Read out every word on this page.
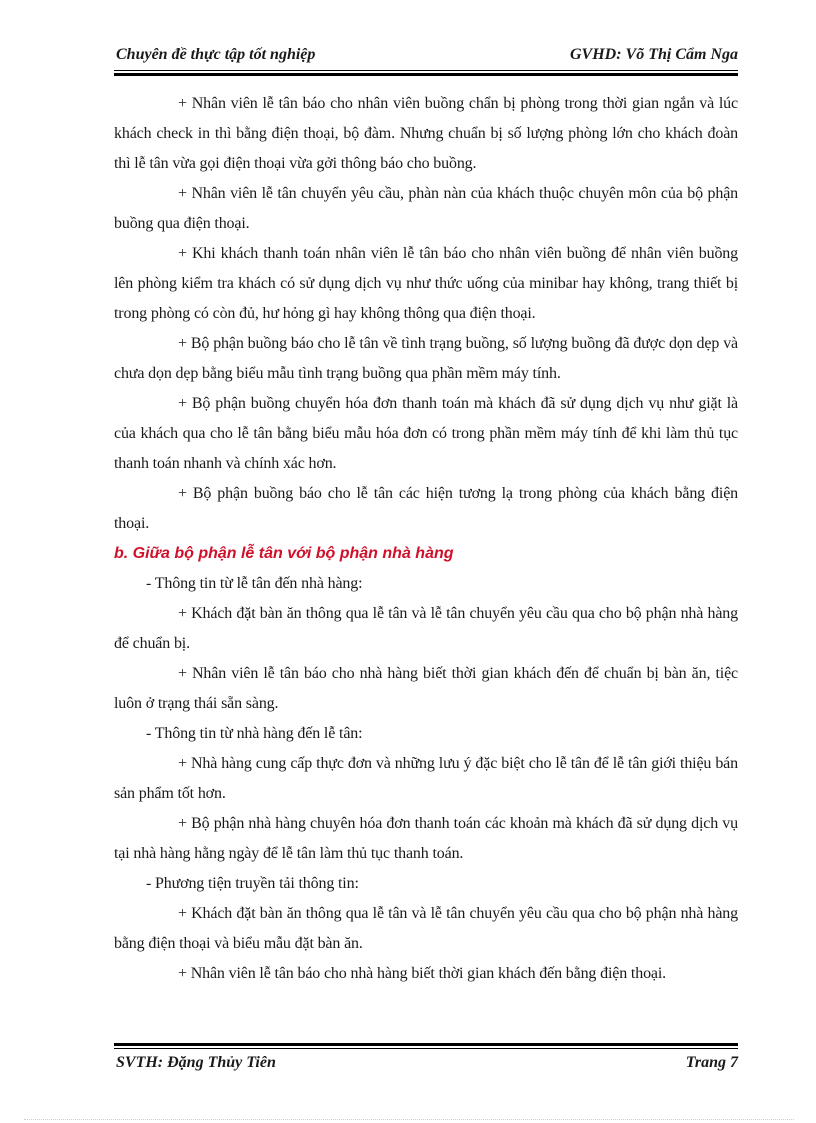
Chuyên đề thực tập tốt nghiệp	GVHD: Võ Thị Cẩm Nga

+ Nhân viên lễ tân báo cho nhân viên buồng chẩn bị phòng trong thời gian ngắn và lúc khách check in thì bằng điện thoại, bộ đàm. Nhưng chuẩn bị số lượng phòng lớn cho khách đoàn thì lễ tân vừa gọi điện thoại vừa gởi thông báo cho buồng.

+ Nhân viên lễ tân chuyển yêu cầu, phàn nàn của khách thuộc chuyên môn của bộ phận buồng qua điện thoại.

+ Khi khách thanh toán nhân viên lễ tân báo cho nhân viên buồng để nhân viên buồng lên phòng kiểm tra khách có sử dụng dịch vụ như thức uống của minibar hay không, trang thiết bị trong phòng có còn đủ, hư hỏng gì hay không thông qua điện thoại.

+ Bộ phận buồng báo cho lễ tân về tình trạng buồng, số lượng buồng đã được dọn dẹp và chưa dọn dẹp bằng biểu mẫu tình trạng buồng qua phần mềm máy tính.

+ Bộ phận buồng chuyển hóa đơn thanh toán mà khách đã sử dụng dịch vụ như giặt là của khách qua cho lễ tân bằng biểu mẫu hóa đơn có trong phần mềm máy tính để khi làm thủ tục thanh toán nhanh và chính xác hơn.

+ Bộ phận buồng báo cho lễ tân các hiện tương lạ trong phòng của khách bằng điện thoại.

b. Giữa bộ phận lễ tân với bộ phận nhà hàng

- Thông tin từ lễ tân đến nhà hàng:

+ Khách đặt bàn ăn thông qua lễ tân và lễ tân chuyển yêu cầu qua cho bộ phận nhà hàng để chuẩn bị.

+ Nhân viên lễ tân báo cho nhà hàng biết thời gian khách đến để chuẩn bị bàn ăn, tiệc luôn ở trạng thái sẵn sàng.

- Thông tin từ nhà hàng đến lễ tân:

+ Nhà hàng cung cấp thực đơn và những lưu ý đặc biệt cho lễ tân để lễ tân giới thiệu bán sản phẩm tốt hơn.

+ Bộ phận nhà hàng chuyên hóa đơn thanh toán các khoản mà khách đã sử dụng dịch vụ tại nhà hàng hằng ngày để lễ tân làm thủ tục thanh toán.

- Phương tiện truyền tải thông tin:

+ Khách đặt bàn ăn thông qua lễ tân và lễ tân chuyển yêu cầu qua cho bộ phận nhà hàng bằng điện thoại và biểu mẫu đặt bàn ăn.

+ Nhân viên lễ tân báo cho nhà hàng biết thời gian khách đến bằng điện thoại.

SVTH: Đặng Thủy Tiên	Trang 7
